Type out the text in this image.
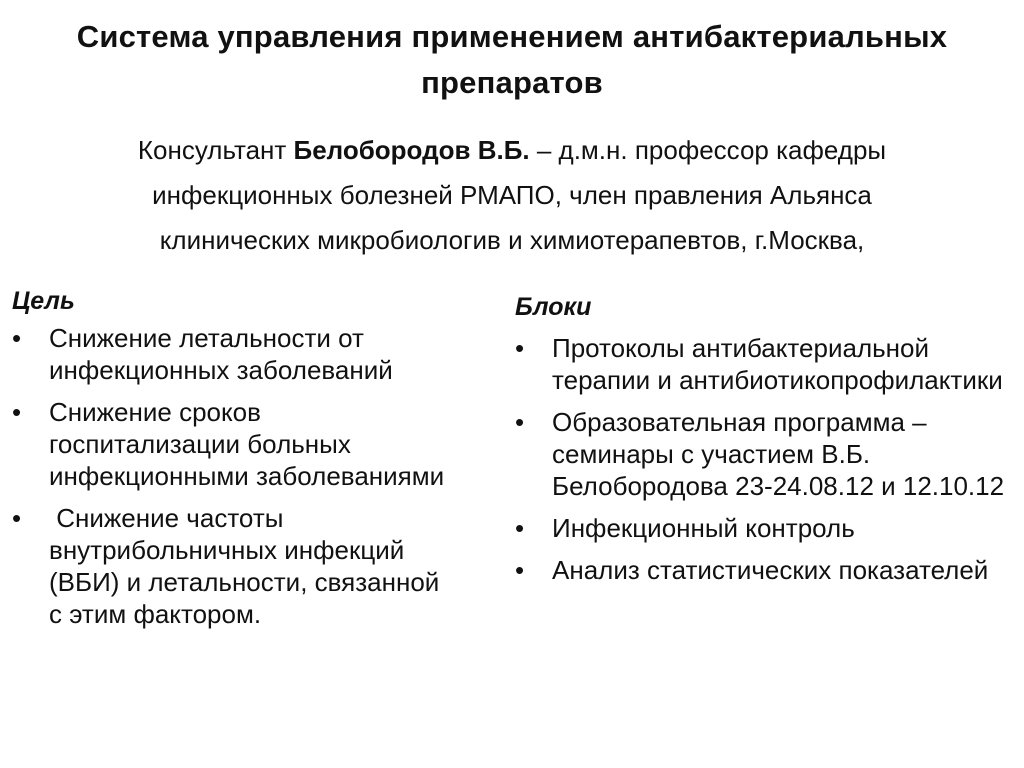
Система управления применением антибактериальных
препаратов
Консультант Белобородов В.Б. – д.м.н. профессор кафедры
инфекционных болезней РМАПО, член правления Альянса
клинических микробиологив и химиотерапевтов, г.Москва,
Цель
• Снижение летальности от инфекционных заболеваний
• Снижение сроков госпитализации больных инфекционными заболеваниями
• Снижение частоты внутрибольничных инфекций (ВБИ) и летальности, связанной с этим фактором.
Блоки
• Протоколы антибактериальной терапии и антибиотикопрофилактики
• Образовательная программа – семинары с участием В.Б. Белобородова 23-24.08.12 и 12.10.12
• Инфекционный контроль
• Анализ статистических показателей
